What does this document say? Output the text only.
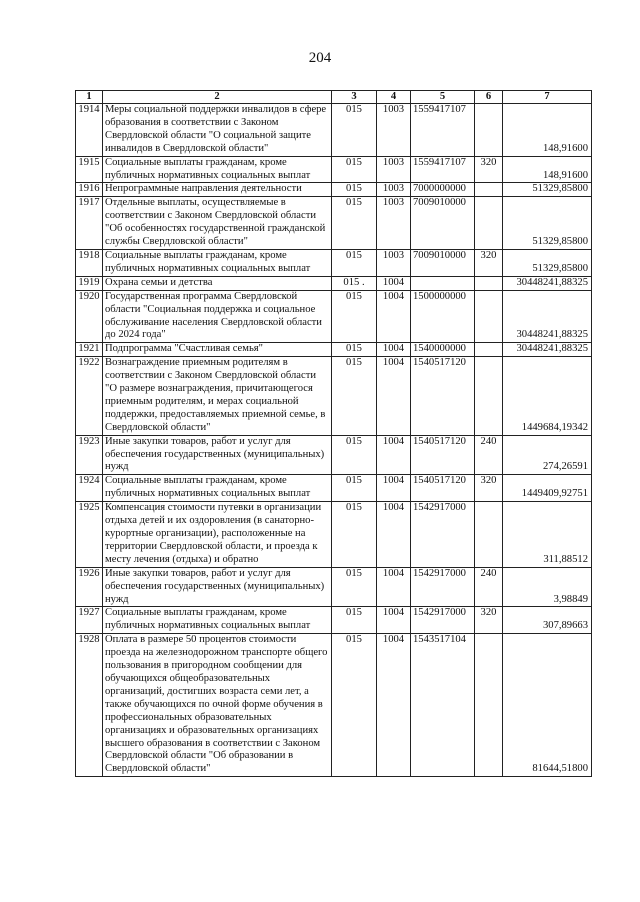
204
1	2	3	4	5	6	7
1914	Меры социальной поддержки инвалидов в сфере образования в соответствии с Законом Свердловской области "О социальной защите инвалидов в Свердловской области"	015	1003	1559417107		148,91600
1915	Социальные выплаты гражданам, кроме публичных нормативных социальных выплат	015	1003	1559417107	320	148,91600
1916	Непрограммные направления деятельности	015	1003	7000000000		51329,85800
1917	Отдельные выплаты, осуществляемые в соответствии с Законом Свердловской области "Об особенностях государственной гражданской службы Свердловской области"	015	1003	7009010000		51329,85800
1918	Социальные выплаты гражданам, кроме публичных нормативных социальных выплат	015	1003	7009010000	320	51329,85800
1919	Охрана семьи и детства	015 .	1004			30448241,88325
1920	Государственная программа Свердловской области "Социальная поддержка и социальное обслуживание населения Свердловской области до 2024 года"	015	1004	1500000000		30448241,88325
1921	Подпрограмма "Счастливая семья"	015	1004	1540000000		30448241,88325
1922	Вознаграждение приемным родителям в соответствии с Законом Свердловской области "О размере вознаграждения, причитающегося приемным родителям, и мерах социальной поддержки, предоставляемых приемной семье, в Свердловской области"	015	1004	1540517120		1449684,19342
1923	Иные закупки товаров, работ и услуг для обеспечения государственных (муниципальных) нужд	015	1004	1540517120	240	274,26591
1924	Социальные выплаты гражданам, кроме публичных нормативных социальных выплат	015	1004	1540517120	320	1449409,92751
1925	Компенсация стоимости путевки в организации отдыха детей и их оздоровления (в санаторно-курортные организации), расположенные на территории Свердловской области, и проезда к месту лечения (отдыха) и обратно	015	1004	1542917000		311,88512
1926	Иные закупки товаров, работ и услуг для обеспечения государственных (муниципальных) нужд	015	1004	1542917000	240	3,98849
1927	Социальные выплаты гражданам, кроме публичных нормативных социальных выплат	015	1004	1542917000	320	307,89663
1928	Оплата в размере 50 процентов стоимости проезда на железнодорожном транспорте общего пользования в пригородном сообщении для обучающихся общеобразовательных организаций, достигших возраста семи лет, а также обучающихся по очной форме обучения в профессиональных образовательных организациях и образовательных организациях высшего образования в соответствии с Законом Свердловской области "Об образовании в Свердловской области"	015	1004	1543517104		81644,51800
